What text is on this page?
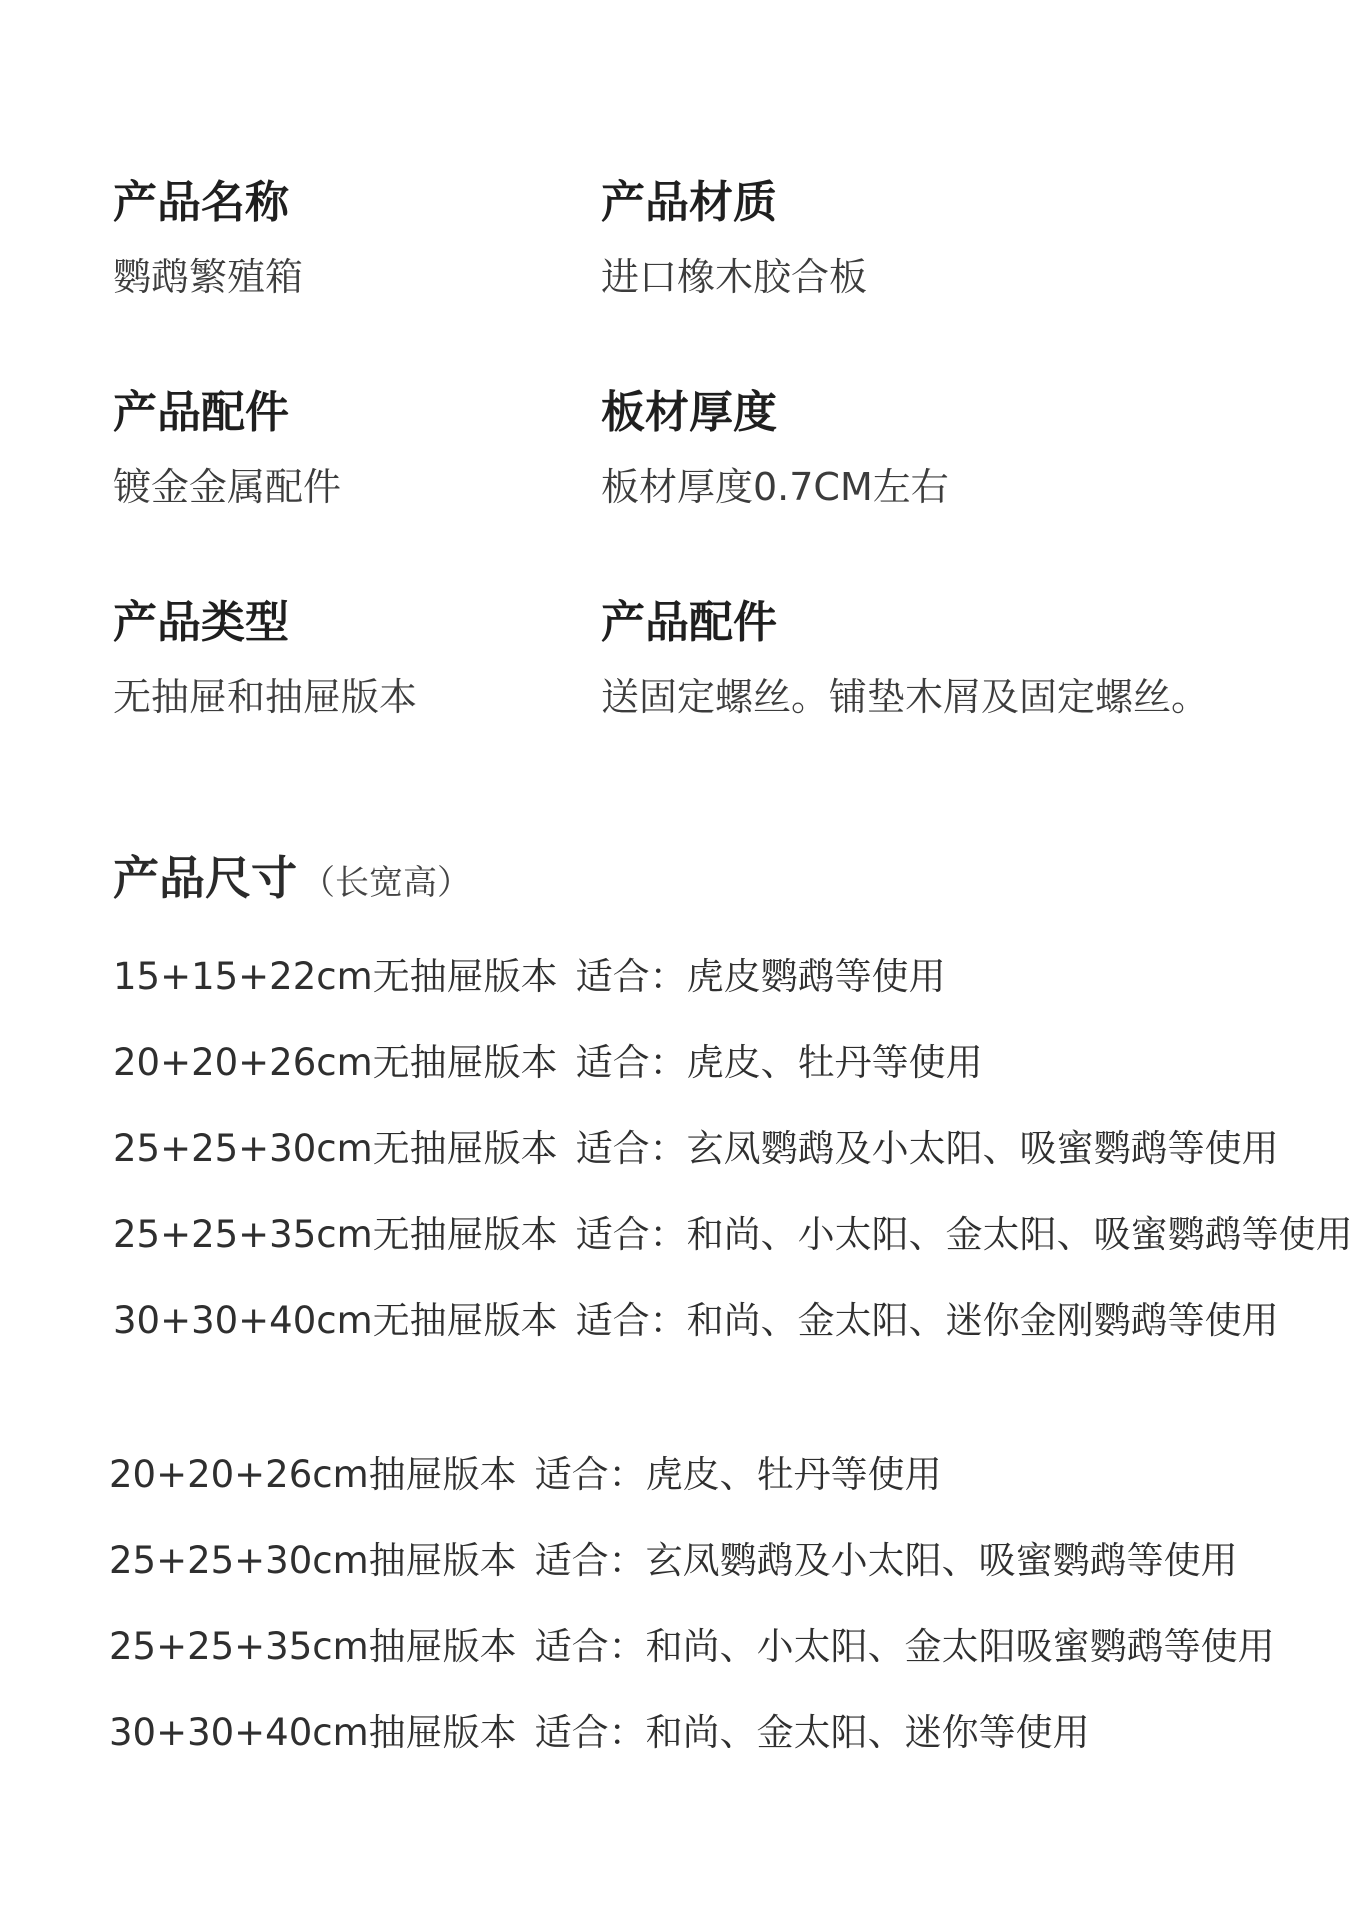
产品名称
鹦鹉繁殖箱
产品材质
进口橡木胶合板
产品配件
镀金金属配件
板材厚度
板材厚度0.7CM左右
产品类型
无抽屉和抽屉版本
产品配件
送固定螺丝。铺垫木屑及固定螺丝。
产品尺寸 （长宽高）
15+15+22cm无抽屉版本 适合：虎皮鹦鹉等使用
20+20+26cm无抽屉版本 适合：虎皮、牡丹等使用
25+25+30cm无抽屉版本 适合：玄凤鹦鹉及小太阳、吸蜜鹦鹉等使用
25+25+35cm无抽屉版本 适合：和尚、小太阳、金太阳、吸蜜鹦鹉等使用
30+30+40cm无抽屉版本 适合：和尚、金太阳、迷你金刚鹦鹉等使用
20+20+26cm抽屉版本 适合：虎皮、牡丹等使用
25+25+30cm抽屉版本 适合：玄凤鹦鹉及小太阳、吸蜜鹦鹉等使用
25+25+35cm抽屉版本 适合：和尚、小太阳、金太阳吸蜜鹦鹉等使用
30+30+40cm抽屉版本 适合：和尚、金太阳、迷你等使用
